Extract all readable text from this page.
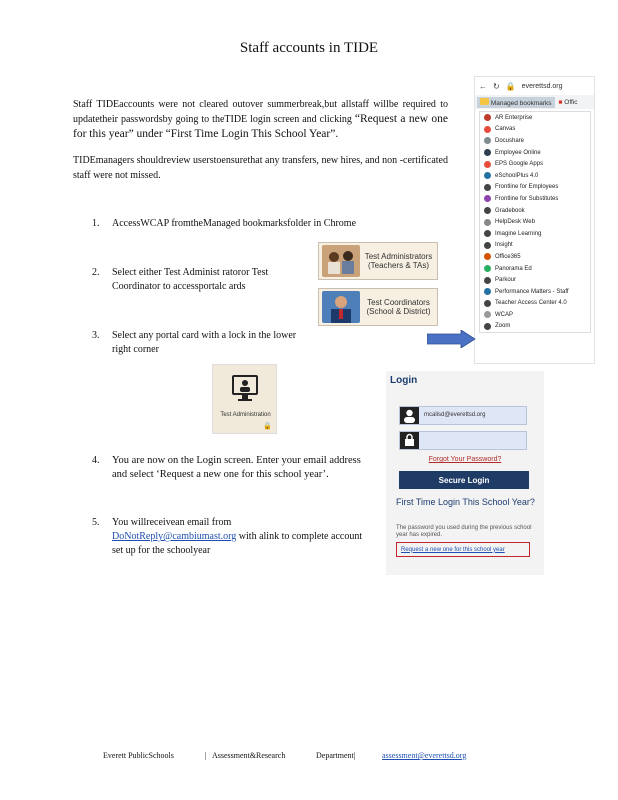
Staff accounts in TIDE
Staff TIDEaccounts were not cleared outover summerbreak,but allstaff willbe required to updatetheir passwordsby going to theTIDE login screen and clicking “Request a new one for this year” under “First Time Login This School Year”.
TIDEmanagers shouldreview userstoensurethat any transfers, new hires, and non -certificated staff were not missed.
1. AccessWCAP fromtheManaged bookmarksfolder in Chrome
2. Select either Test Administ ratoror Test Coordinator to accessportalc ards
3. Select any portal card with a lock in the lower right corner
4. You are now on the Login screen. Enter your email address and select ‘Request a new one for this school year’.
5. You willreceivean email from
DoNotReply@cambiumast.org with alink to complete account set up for the schoolyear
← ↻ 🔒 everettsd.org
Managed bookmarks	■ Offic
AR Enterprise
Canvas
Docushare
Employee Online
EPS Google Apps
eSchoolPlus 4.0
Frontline for Employees
Frontline for Substitutes
Gradebook
HelpDesk Web
Imagine Learning
Insight
Office365
Panorama Ed
Parkour
Performance Matters - Staff
Teacher Access Center 4.0
WCAP
Zoom
Test Administrators (Teachers & TAs)
Test Coordinators (School & District)
Test Administration
🔒
Login
mcalisd@everettsd.org
Forgot Your Password?
Secure Login
First Time Login This School Year?
The password you used during the previous school year has expired.
Request a new one for this school year
Everett PublicSchools	| Assessment&Research	Department|	assessment@everettsd.org
